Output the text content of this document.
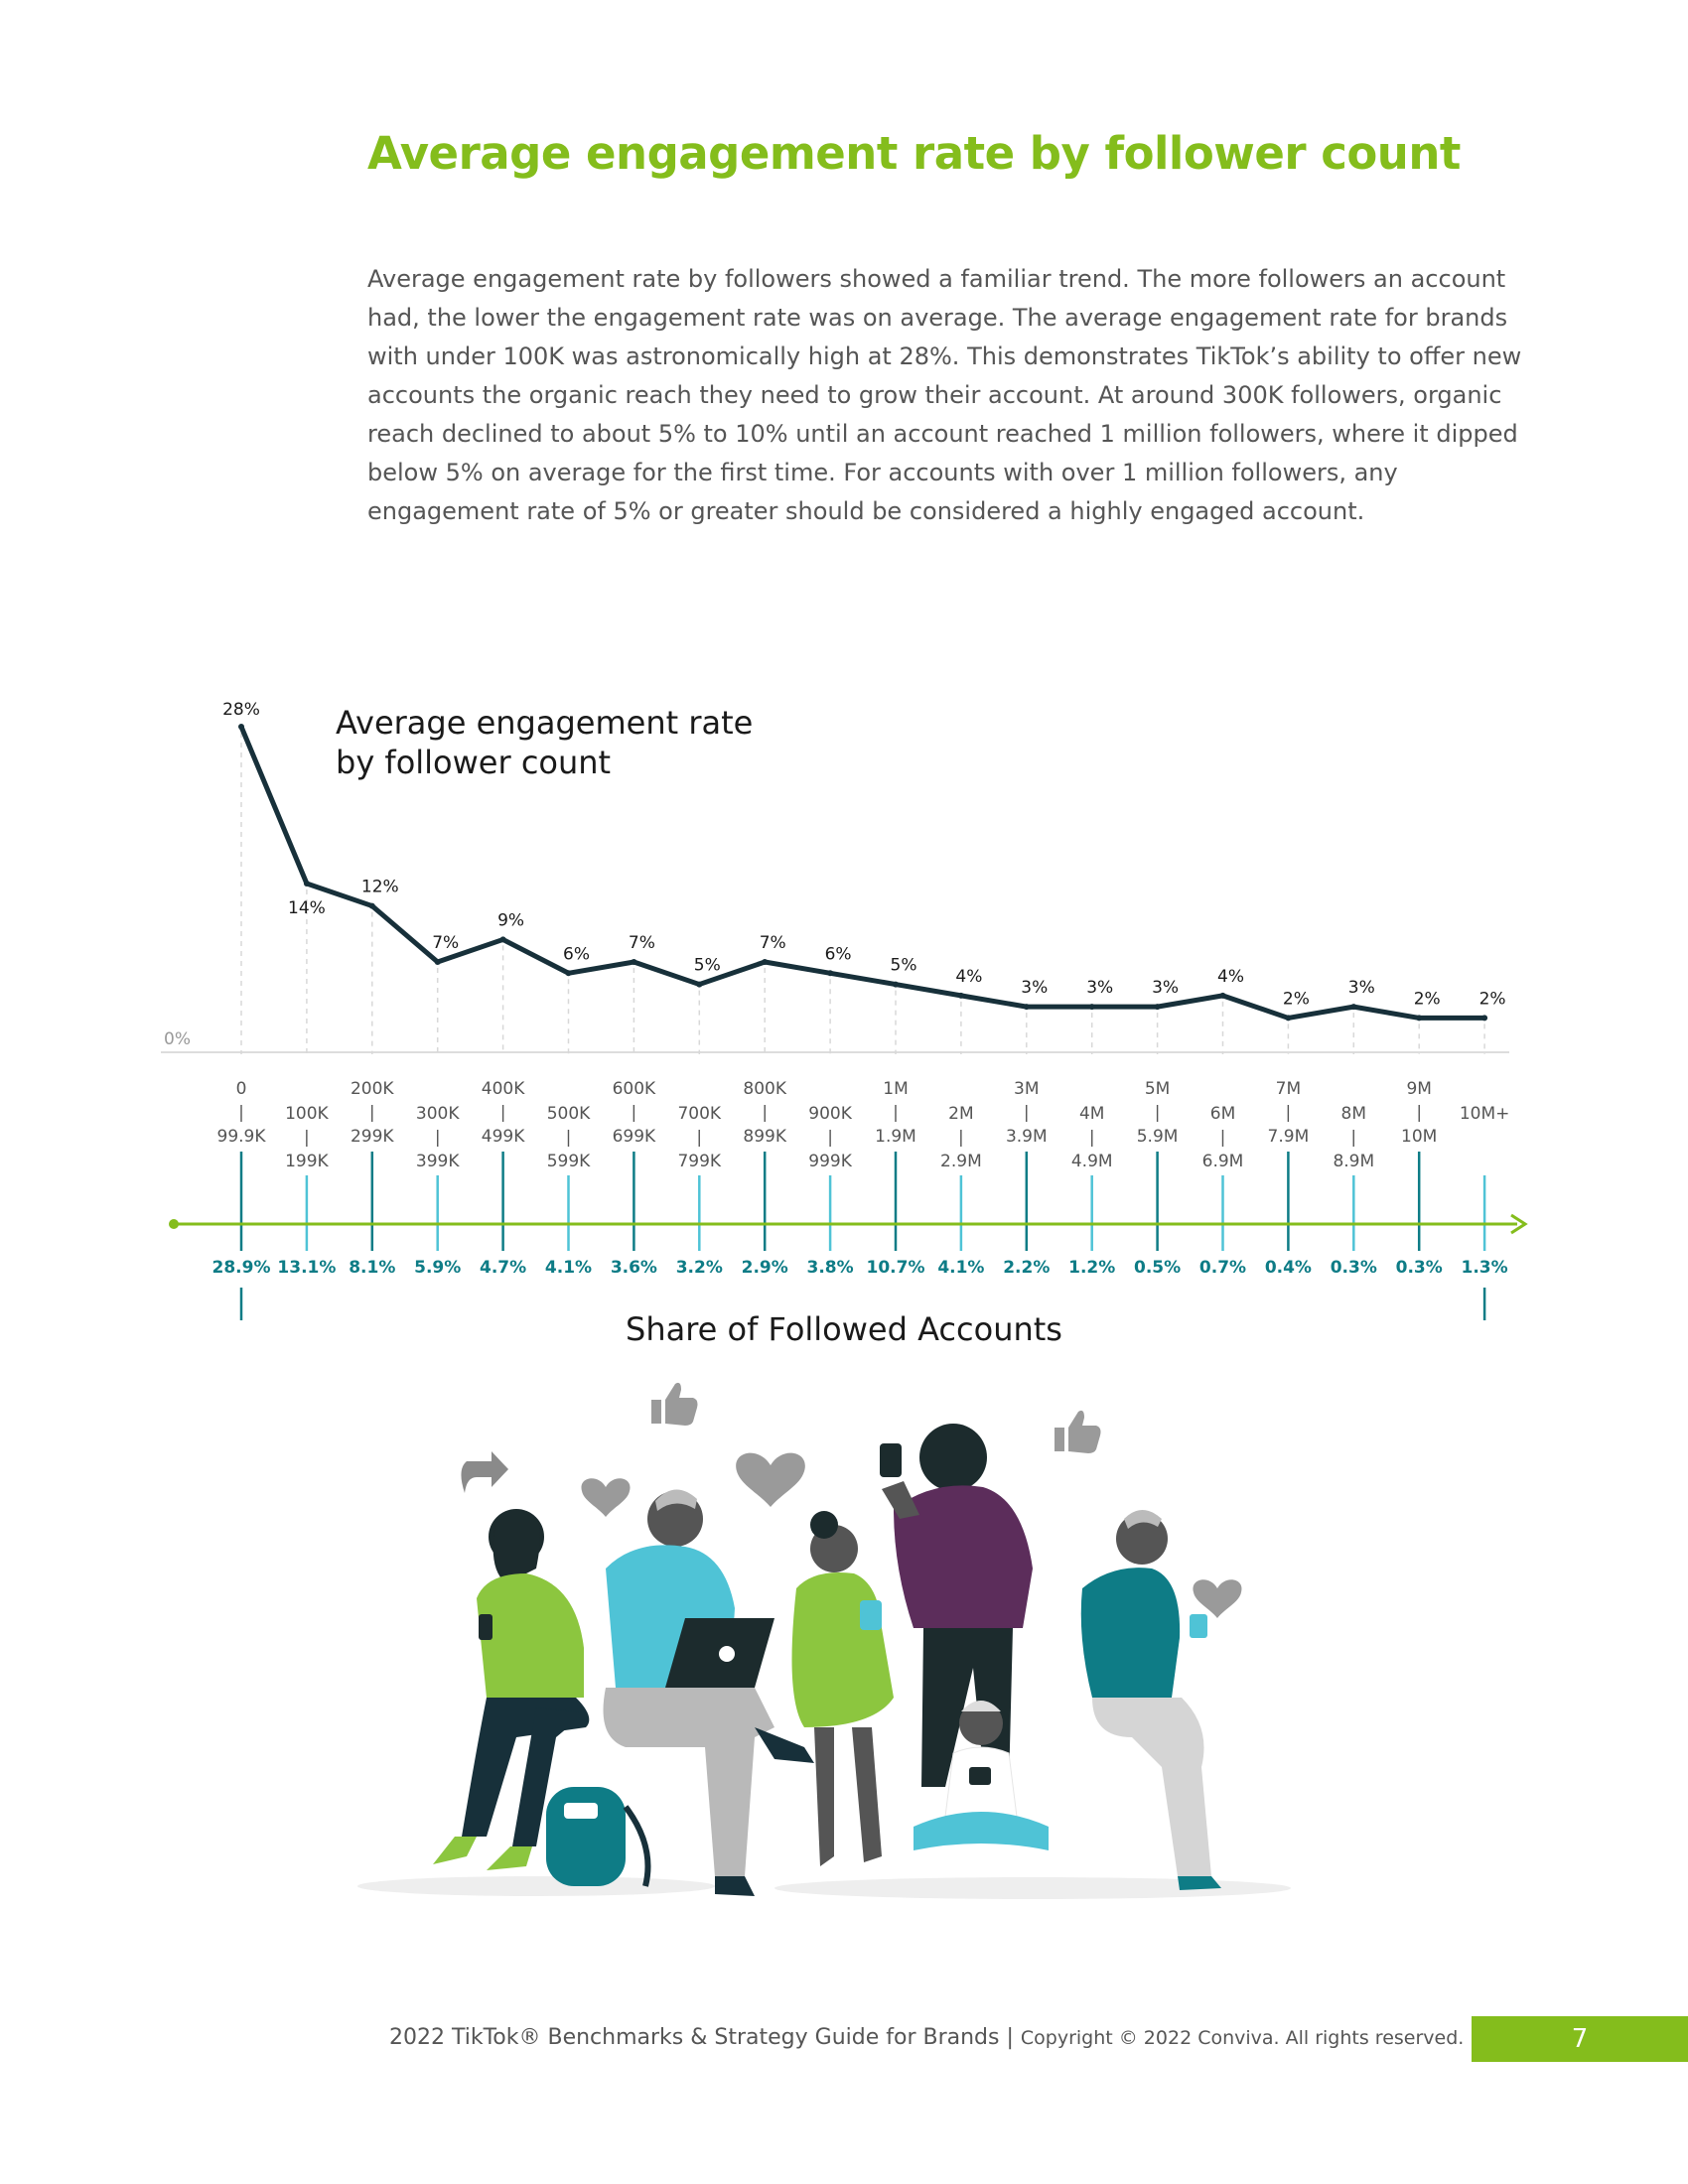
Average engagement rate by follower count

Average engagement rate by followers showed a familiar trend. The more followers an account had, the lower the engagement rate was on average. The average engagement rate for brands with under 100K was astronomically high at 28%. This demonstrates TikTok’s ability to offer new accounts the organic reach they need to grow their account. At around 300K followers, organic reach declined to about 5% to 10% until an account reached 1 million followers, where it dipped below 5% on average for the first time. For accounts with over 1 million followers, any engagement rate of 5% or greater should be considered a highly engaged account.

0%
28%
14%
12%
7%
9%
6%
7%
5%
7%
6%
5%
4%
3% 3% 3%
4%
2%
3%
2% 2%
0
|
99.9K
100K
|
199K
200K
|
299K
300K
|
399K
400K
|
499K
500K
|
599K
600K
|
699K
700K
|
799K
800K
|
899K
900K
|
999K
1M
|
1.9M
2M
|
2.9M
3M
|
3.9M
4M
|
4.9M
5M
|
5.9M
6M
|
6.9M
7M
|
7.9M
8M
|
8.9M
9M
|
10M
10M+
28.9% 13.1% 8.1% 5.9% 4.7% 4.1% 3.6% 3.2% 2.9% 3.8% 10.7% 4.1% 2.2% 1.2% 0.5% 0.7% 0.4% 0.3% 0.3% 1.3%

Average engagement rate
by follower count

Share of Followed Accounts
2022 TikTok® Benchmarks & Strategy Guide for Brands | Copyright © 2022 Conviva. All rights reserved.	7
